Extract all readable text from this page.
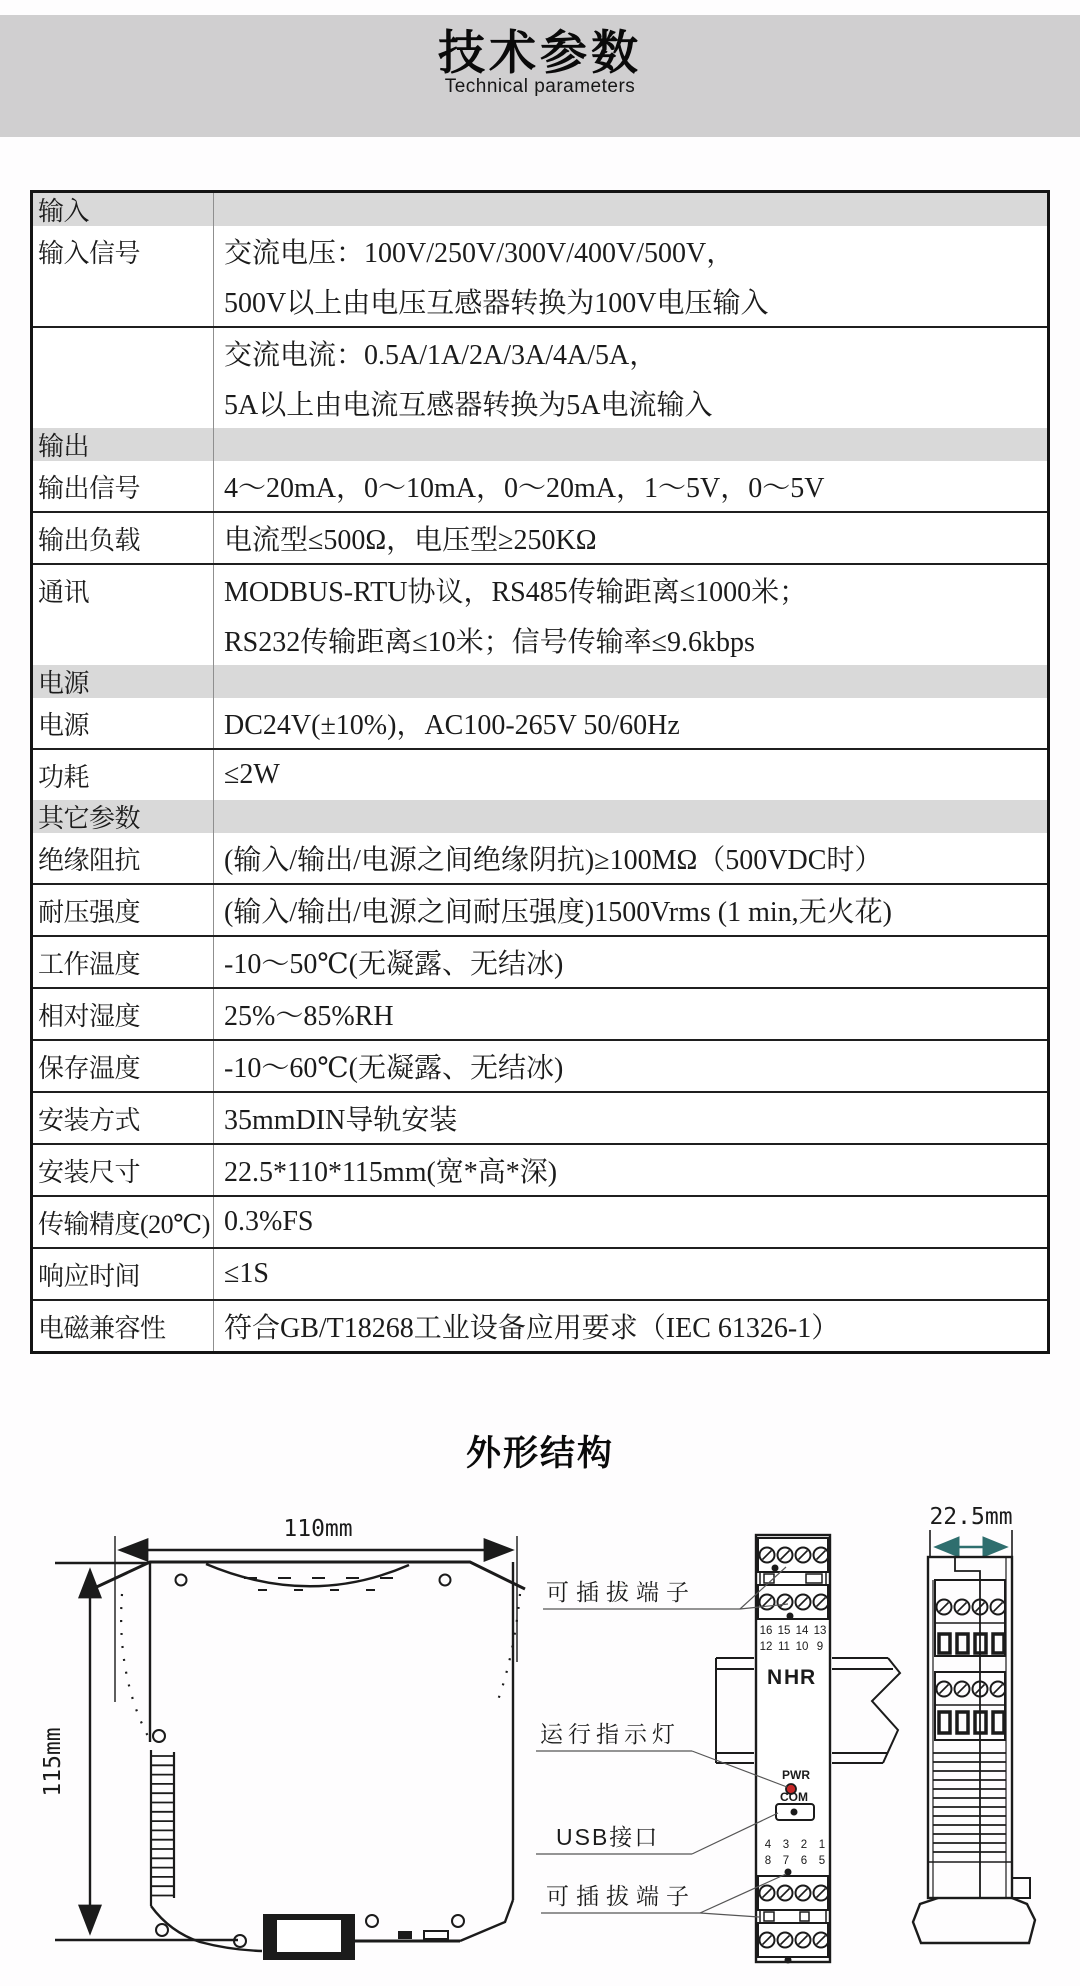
技术参数
Technical parameters
输入
输入信号	交流电压：100V/250V/300V/400V/500V，
500V以上由电压互感器转换为100V电压输入
交流电流：0.5A/1A/2A/3A/4A/5A，
5A以上由电流互感器转换为5A电流输入
输出
输出信号	4～20mA，0～10mA，0～20mA，1～5V，0～5V
输出负载	电流型≤500Ω，电压型≥250KΩ
通讯	MODBUS-RTU协议，RS485传输距离≤1000米；
RS232传输距离≤10米；信号传输率≤9.6kbps
电源
电源	DC24V(±10%)，AC100-265V 50/60Hz
功耗	≤2W
其它参数
绝缘阻抗	(输入/输出/电源之间绝缘阴抗)≥100MΩ（500VDC时）
耐压强度	(输入/输出/电源之间耐压强度)1500Vrms (1 min,无火花)
工作温度	-10～50℃(无凝露、无结冰)
相对湿度	25%～85%RH
保存温度	-10～60℃(无凝露、无结冰)
安装方式	35mmDIN导轨安装
安装尺寸	22.5*110*115mm(宽*高*深)
传输精度(20℃) 0.3%FS
响应时间	≤1S
电磁兼容性	符合GB/T18268工业设备应用要求（IEC 61326-1）
外形结构
110mm
115mm
16 15 14 13
12 11 10 9
N H R
PWR
COM
4 3 2 1
8 7 6 5
可插拔端子
运行指示灯
USB接口
可插拔端子
22.5mm
